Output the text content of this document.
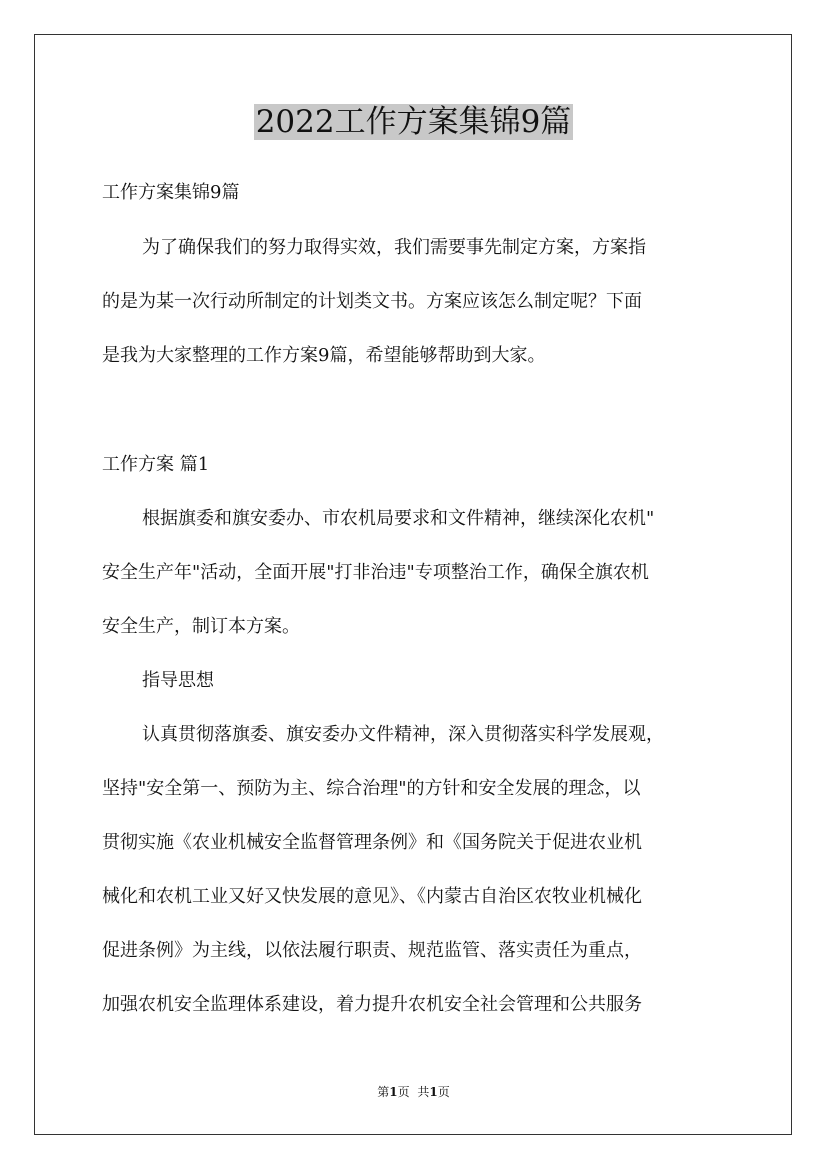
2022工作方案集锦9篇

工作方案集锦9篇

为了确保我们的努力取得实效，我们需要事先制定方案，方案指

的是为某一次行动所制定的计划类文书。方案应该怎么制定呢？下面

是我为大家整理的工作方案9篇，希望能够帮助到大家。

工作方案 篇1

根据旗委和旗安委办、市农机局要求和文件精神，继续深化农机"

安全生产年"活动，全面开展"打非治违"专项整治工作，确保全旗农机

安全生产，制订本方案。

指导思想

认真贯彻落旗委、旗安委办文件精神，深入贯彻落实科学发展观，

坚持"安全第一、预防为主、综合治理"的方针和安全发展的理念，以

贯彻实施《农业机械安全监督管理条例》和《国务院关于促进农业机

械化和农机工业又好又快发展的意见》、《内蒙古自治区农牧业机械化

促进条例》为主线，以依法履行职责、规范监管、落实责任为重点，

加强农机安全监理体系建设，着力提升农机安全社会管理和公共服务

第1页 共1页
